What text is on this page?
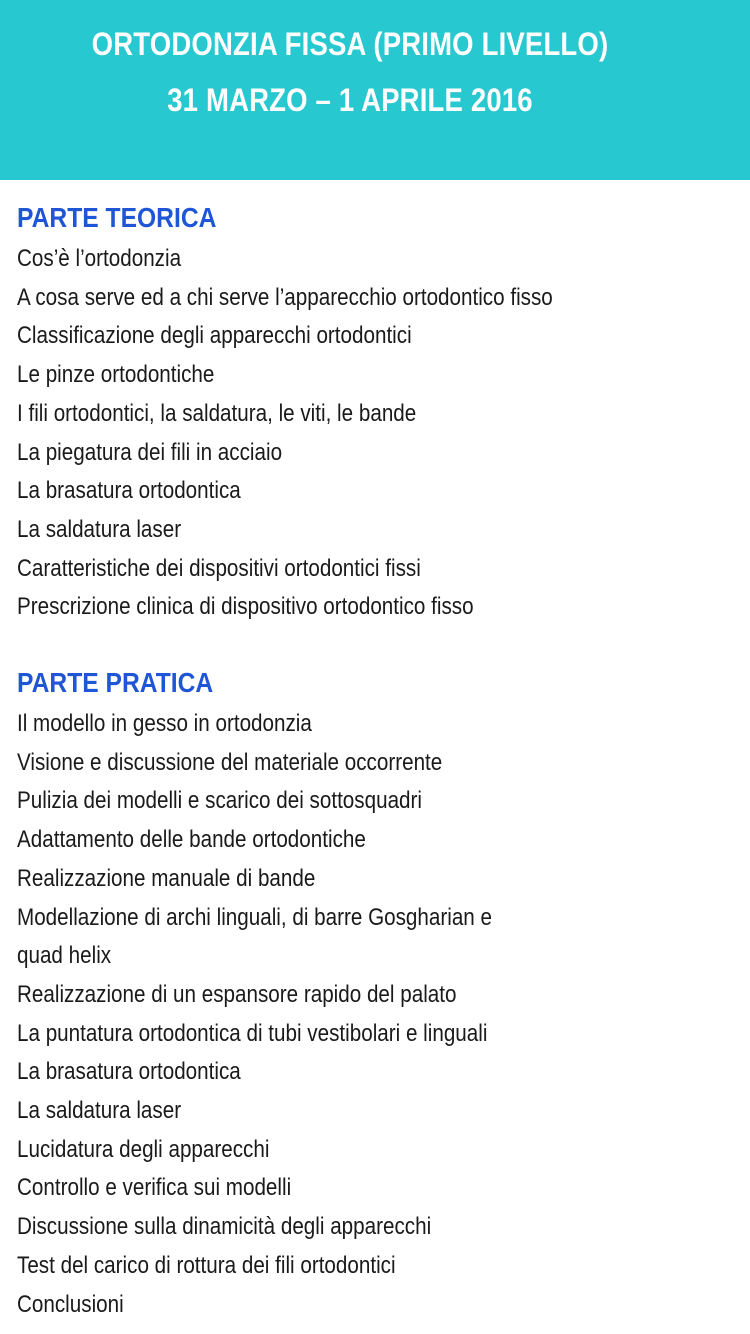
ORTODONZIA FISSA (PRIMO LIVELLO)
31 MARZO – 1 APRILE 2016
PARTE TEORICA
Cos’è l’ortodonzia
A cosa serve ed a chi serve l’apparecchio ortodontico fisso
Classificazione degli apparecchi ortodontici
Le pinze ortodontiche
I fili ortodontici, la saldatura, le viti, le bande
La piegatura dei fili in acciaio
La brasatura ortodontica
La saldatura laser
Caratteristiche dei dispositivi ortodontici fissi
Prescrizione clinica di dispositivo ortodontico fisso
PARTE PRATICA
Il modello in gesso in ortodonzia
Visione e discussione del materiale occorrente
Pulizia dei modelli e scarico dei sottosquadri
Adattamento delle bande ortodontiche
Realizzazione manuale di bande
Modellazione di archi linguali, di barre Gosgharian e
quad helix
Realizzazione di un espansore rapido del palato
La puntatura ortodontica di tubi vestibolari e linguali
La brasatura ortodontica
La saldatura laser
Lucidatura degli apparecchi
Controllo e verifica sui modelli
Discussione sulla dinamicità degli apparecchi
Test del carico di rottura dei fili ortodontici
Conclusioni
